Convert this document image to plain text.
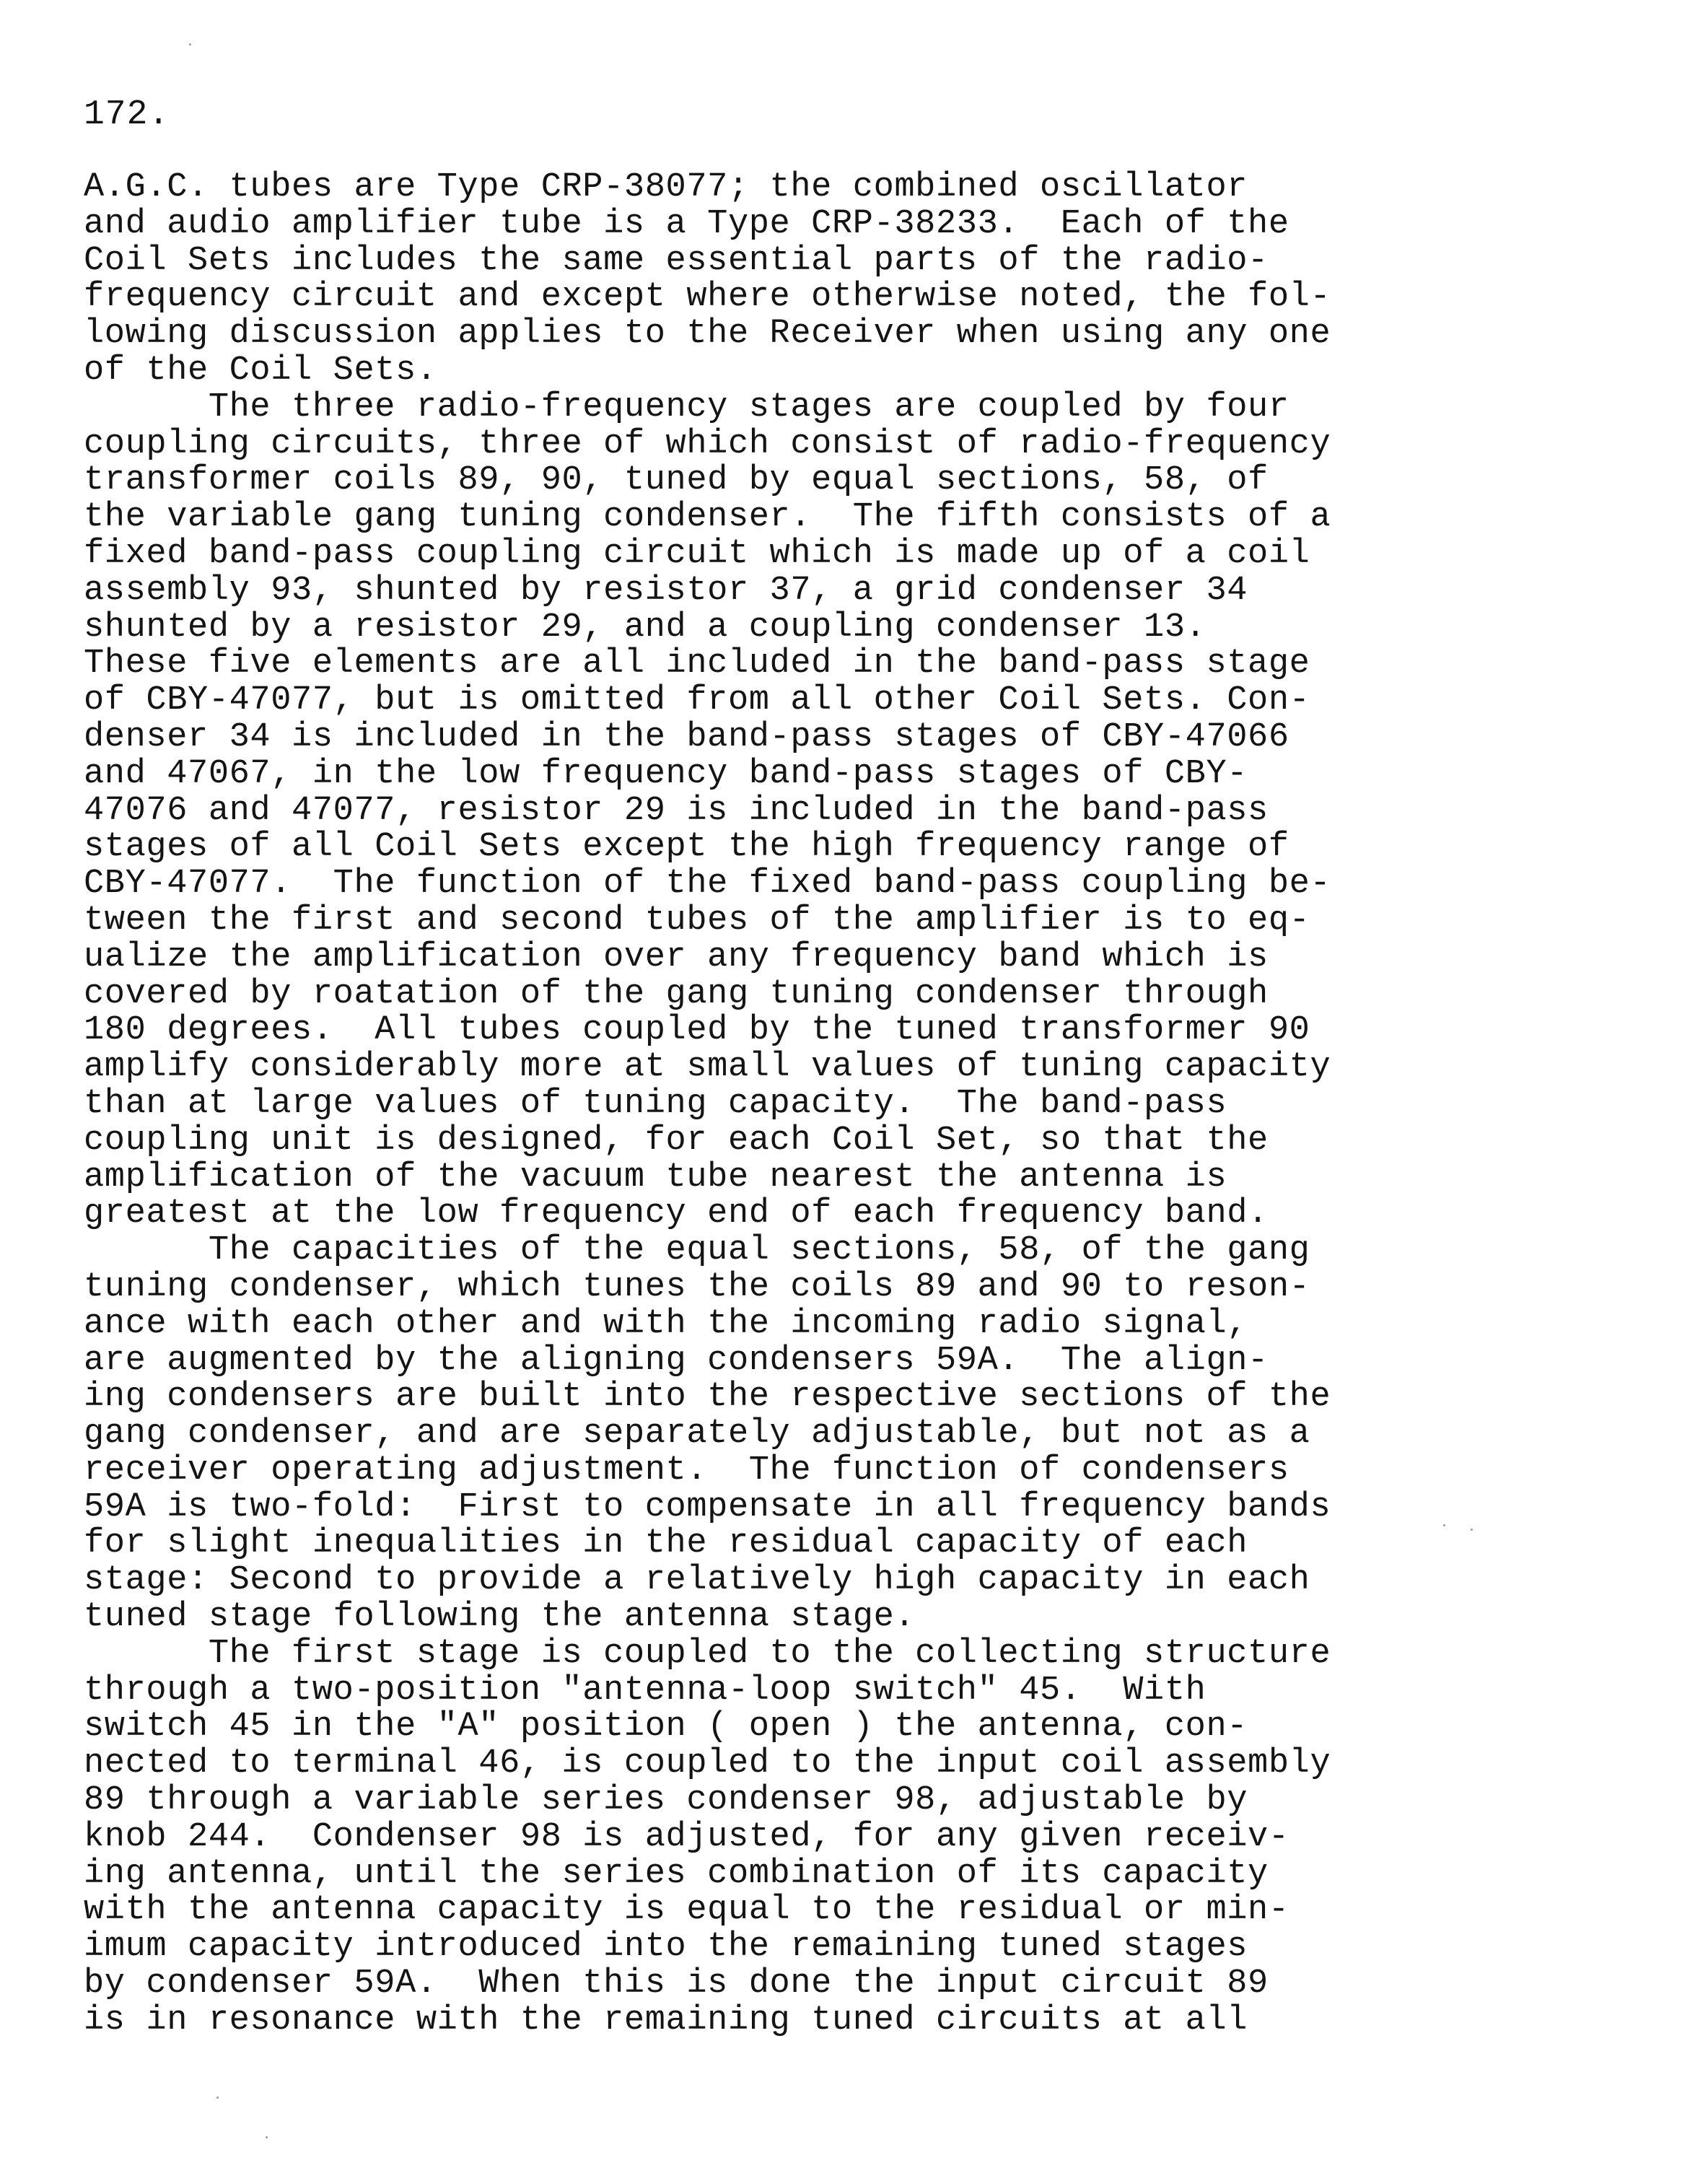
172.
A.G.C. tubes are Type CRP-38077; the combined oscillator
and audio amplifier tube is a Type CRP-38233.  Each of the
Coil Sets includes the same essential parts of the radio-
frequency circuit and except where otherwise noted, the fol-
lowing discussion applies to the Receiver when using any one
of the Coil Sets.
The three radio-frequency stages are coupled by four
coupling circuits, three of which consist of radio-frequency
transformer coils 89, 90, tuned by equal sections, 58, of
the variable gang tuning condenser.  The fifth consists of a
fixed band-pass coupling circuit which is made up of a coil
assembly 93, shunted by resistor 37, a grid condenser 34
shunted by a resistor 29, and a coupling condenser 13.
These five elements are all included in the band-pass stage
of CBY-47077, but is omitted from all other Coil Sets. Con-
denser 34 is included in the band-pass stages of CBY-47066
and 47067, in the low frequency band-pass stages of CBY-
47076 and 47077, resistor 29 is included in the band-pass
stages of all Coil Sets except the high frequency range of
CBY-47077.  The function of the fixed band-pass coupling be-
tween the first and second tubes of the amplifier is to eq-
ualize the amplification over any frequency band which is
covered by roatation of the gang tuning condenser through
180 degrees.  All tubes coupled by the tuned transformer 90
amplify considerably more at small values of tuning capacity
than at large values of tuning capacity.  The band-pass
coupling unit is designed, for each Coil Set, so that the
amplification of the vacuum tube nearest the antenna is
greatest at the low frequency end of each frequency band.
The capacities of the equal sections, 58, of the gang
tuning condenser, which tunes the coils 89 and 90 to reson-
ance with each other and with the incoming radio signal,
are augmented by the aligning condensers 59A.  The align-
ing condensers are built into the respective sections of the
gang condenser, and are separately adjustable, but not as a
receiver operating adjustment.  The function of condensers
59A is two-fold:  First to compensate in all frequency bands
for slight inequalities in the residual capacity of each
stage: Second to provide a relatively high capacity in each
tuned stage following the antenna stage.
The first stage is coupled to the collecting structure
through a two-position "antenna-loop switch" 45.  With
switch 45 in the "A" position ( open ) the antenna, con-
nected to terminal 46, is coupled to the input coil assembly
89 through a variable series condenser 98, adjustable by
knob 244.  Condenser 98 is adjusted, for any given receiv-
ing antenna, until the series combination of its capacity
with the antenna capacity is equal to the residual or min-
imum capacity introduced into the remaining tuned stages
by condenser 59A.  When this is done the input circuit 89
is in resonance with the remaining tuned circuits at all
